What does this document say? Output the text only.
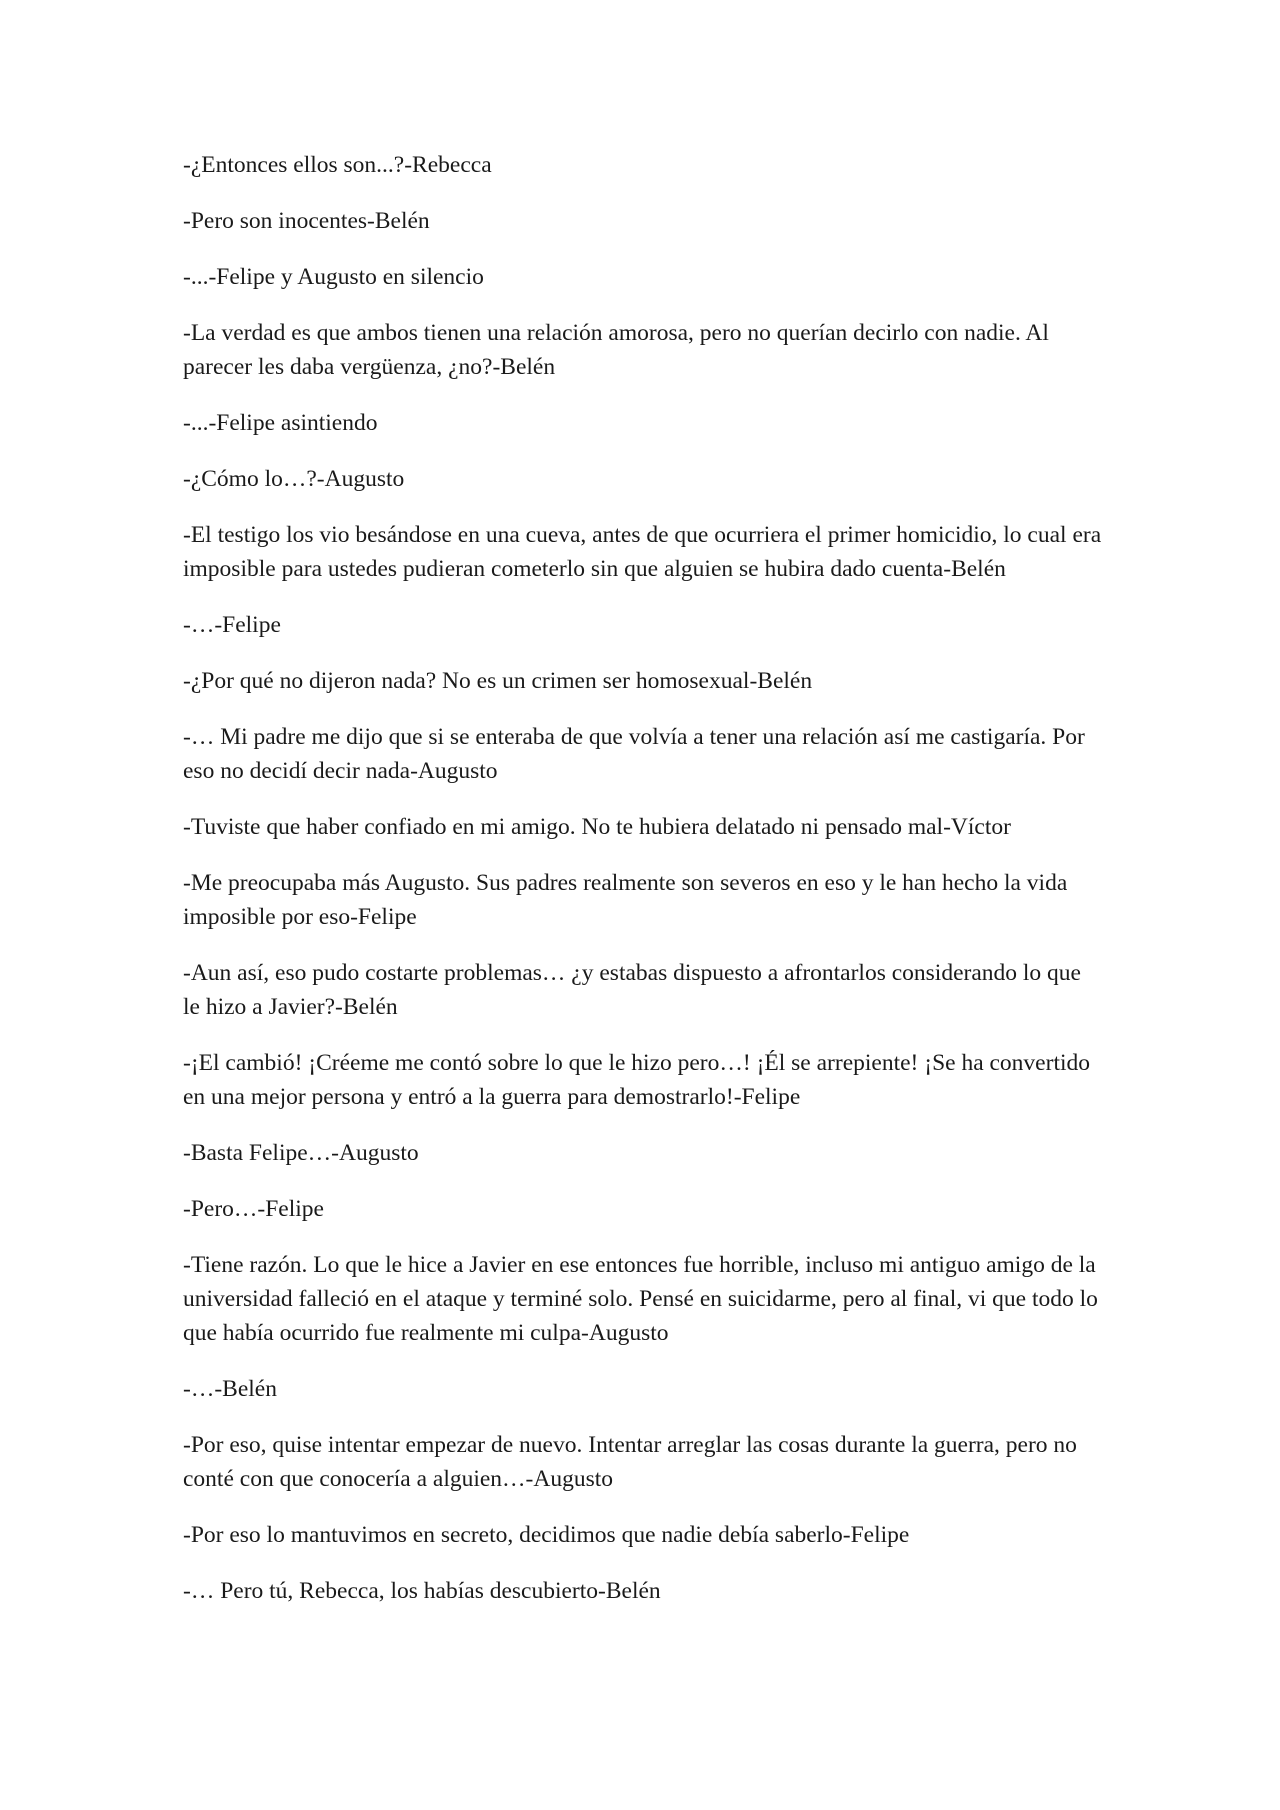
-¿Entonces ellos son...?-Rebecca

-Pero son inocentes-Belén

-...-Felipe y Augusto en silencio

-La verdad es que ambos tienen una relación amorosa, pero no querían decirlo con nadie. Al parecer les daba vergüenza, ¿no?-Belén

-...-Felipe asintiendo

-¿Cómo lo…?-Augusto

-El testigo los vio besándose en una cueva, antes de que ocurriera el primer homicidio, lo cual era imposible para ustedes pudieran cometerlo sin que alguien se hubira dado cuenta-Belén

-…-Felipe

-¿Por qué no dijeron nada? No es un crimen ser homosexual-Belén

-… Mi padre me dijo que si se enteraba de que volvía a tener una relación así me castigaría. Por eso no decidí decir nada-Augusto

-Tuviste que haber confiado en mi amigo. No te hubiera delatado ni pensado mal-Víctor

-Me preocupaba más Augusto. Sus padres realmente son severos en eso y le han hecho la vida imposible por eso-Felipe

-Aun así, eso pudo costarte problemas… ¿y estabas dispuesto a afrontarlos considerando lo que le hizo a Javier?-Belén

-¡El cambió! ¡Créeme me contó sobre lo que le hizo pero…! ¡Él se arrepiente! ¡Se ha convertido en una mejor persona y entró a la guerra para demostrarlo!-Felipe

-Basta Felipe…-Augusto

-Pero…-Felipe

-Tiene razón. Lo que le hice a Javier en ese entonces fue horrible, incluso mi antiguo amigo de la universidad falleció en el ataque y terminé solo. Pensé en suicidarme, pero al final, vi que todo lo que había ocurrido fue realmente mi culpa-Augusto

-…-Belén

-Por eso, quise intentar empezar de nuevo. Intentar arreglar las cosas durante la guerra, pero no conté con que conocería a alguien…-Augusto

-Por eso lo mantuvimos en secreto, decidimos que nadie debía saberlo-Felipe

-… Pero tú, Rebecca, los habías descubierto-Belén
